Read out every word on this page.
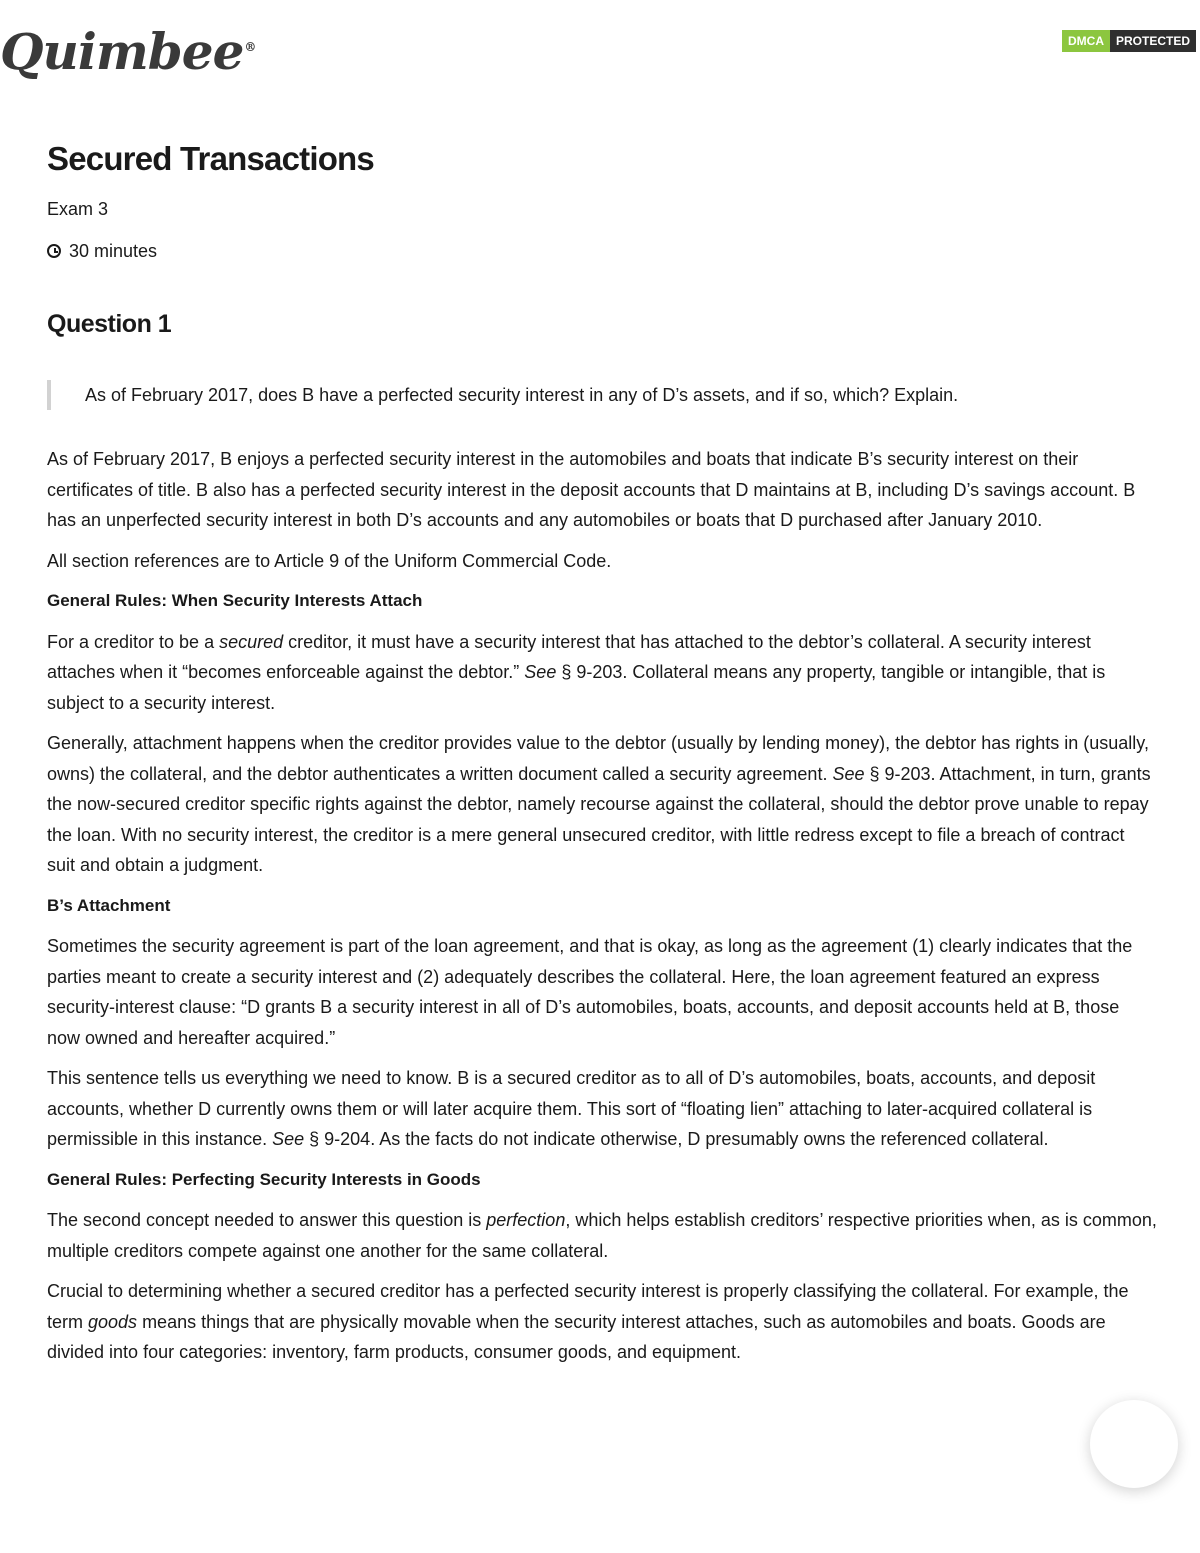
Quimbee®	DMCA	PROTECTED
Secured Transactions
Exam 3
30 minutes
Question 1
As of February 2017, does B have a perfected security interest in any of D’s assets, and if so, which? Explain.

As of February 2017, B enjoys a perfected security interest in the automobiles and boats that indicate B’s security interest on their certificates of title. B also has a perfected security interest in the deposit accounts that D maintains at B, including D’s savings account. B has an unperfected security interest in both D’s accounts and any automobiles or boats that D purchased after January 2010.

All section references are to Article 9 of the Uniform Commercial Code.

General Rules: When Security Interests Attach

For a creditor to be a secured creditor, it must have a security interest that has attached to the debtor’s collateral. A security interest attaches when it “becomes enforceable against the debtor.” See § 9-203. Collateral means any property, tangible or intangible, that is subject to a security interest.

Generally, attachment happens when the creditor provides value to the debtor (usually by lending money), the debtor has rights in (usually, owns) the collateral, and the debtor authenticates a written document called a security agreement. See § 9-203. Attachment, in turn, grants the now-secured creditor specific rights against the debtor, namely recourse against the collateral, should the debtor prove unable to repay the loan. With no security interest, the creditor is a mere general unsecured creditor, with little redress except to file a breach of contract suit and obtain a judgment.

B’s Attachment

Sometimes the security agreement is part of the loan agreement, and that is okay, as long as the agreement (1) clearly indicates that the parties meant to create a security interest and (2) adequately describes the collateral. Here, the loan agreement featured an express security-interest clause: “D grants B a security interest in all of D’s automobiles, boats, accounts, and deposit accounts held at B, those now owned and hereafter acquired.”

This sentence tells us everything we need to know. B is a secured creditor as to all of D’s automobiles, boats, accounts, and deposit accounts, whether D currently owns them or will later acquire them. This sort of “floating lien” attaching to later-acquired collateral is permissible in this instance. See § 9-204. As the facts do not indicate otherwise, D presumably owns the referenced collateral.

General Rules: Perfecting Security Interests in Goods

The second concept needed to answer this question is perfection, which helps establish creditors’ respective priorities when, as is common, multiple creditors compete against one another for the same collateral.

Crucial to determining whether a secured creditor has a perfected security interest is properly classifying the collateral. For example, the term goods means things that are physically movable when the security interest attaches, such as automobiles and boats. Goods are divided into four categories: inventory, farm products, consumer goods, and equipment.
